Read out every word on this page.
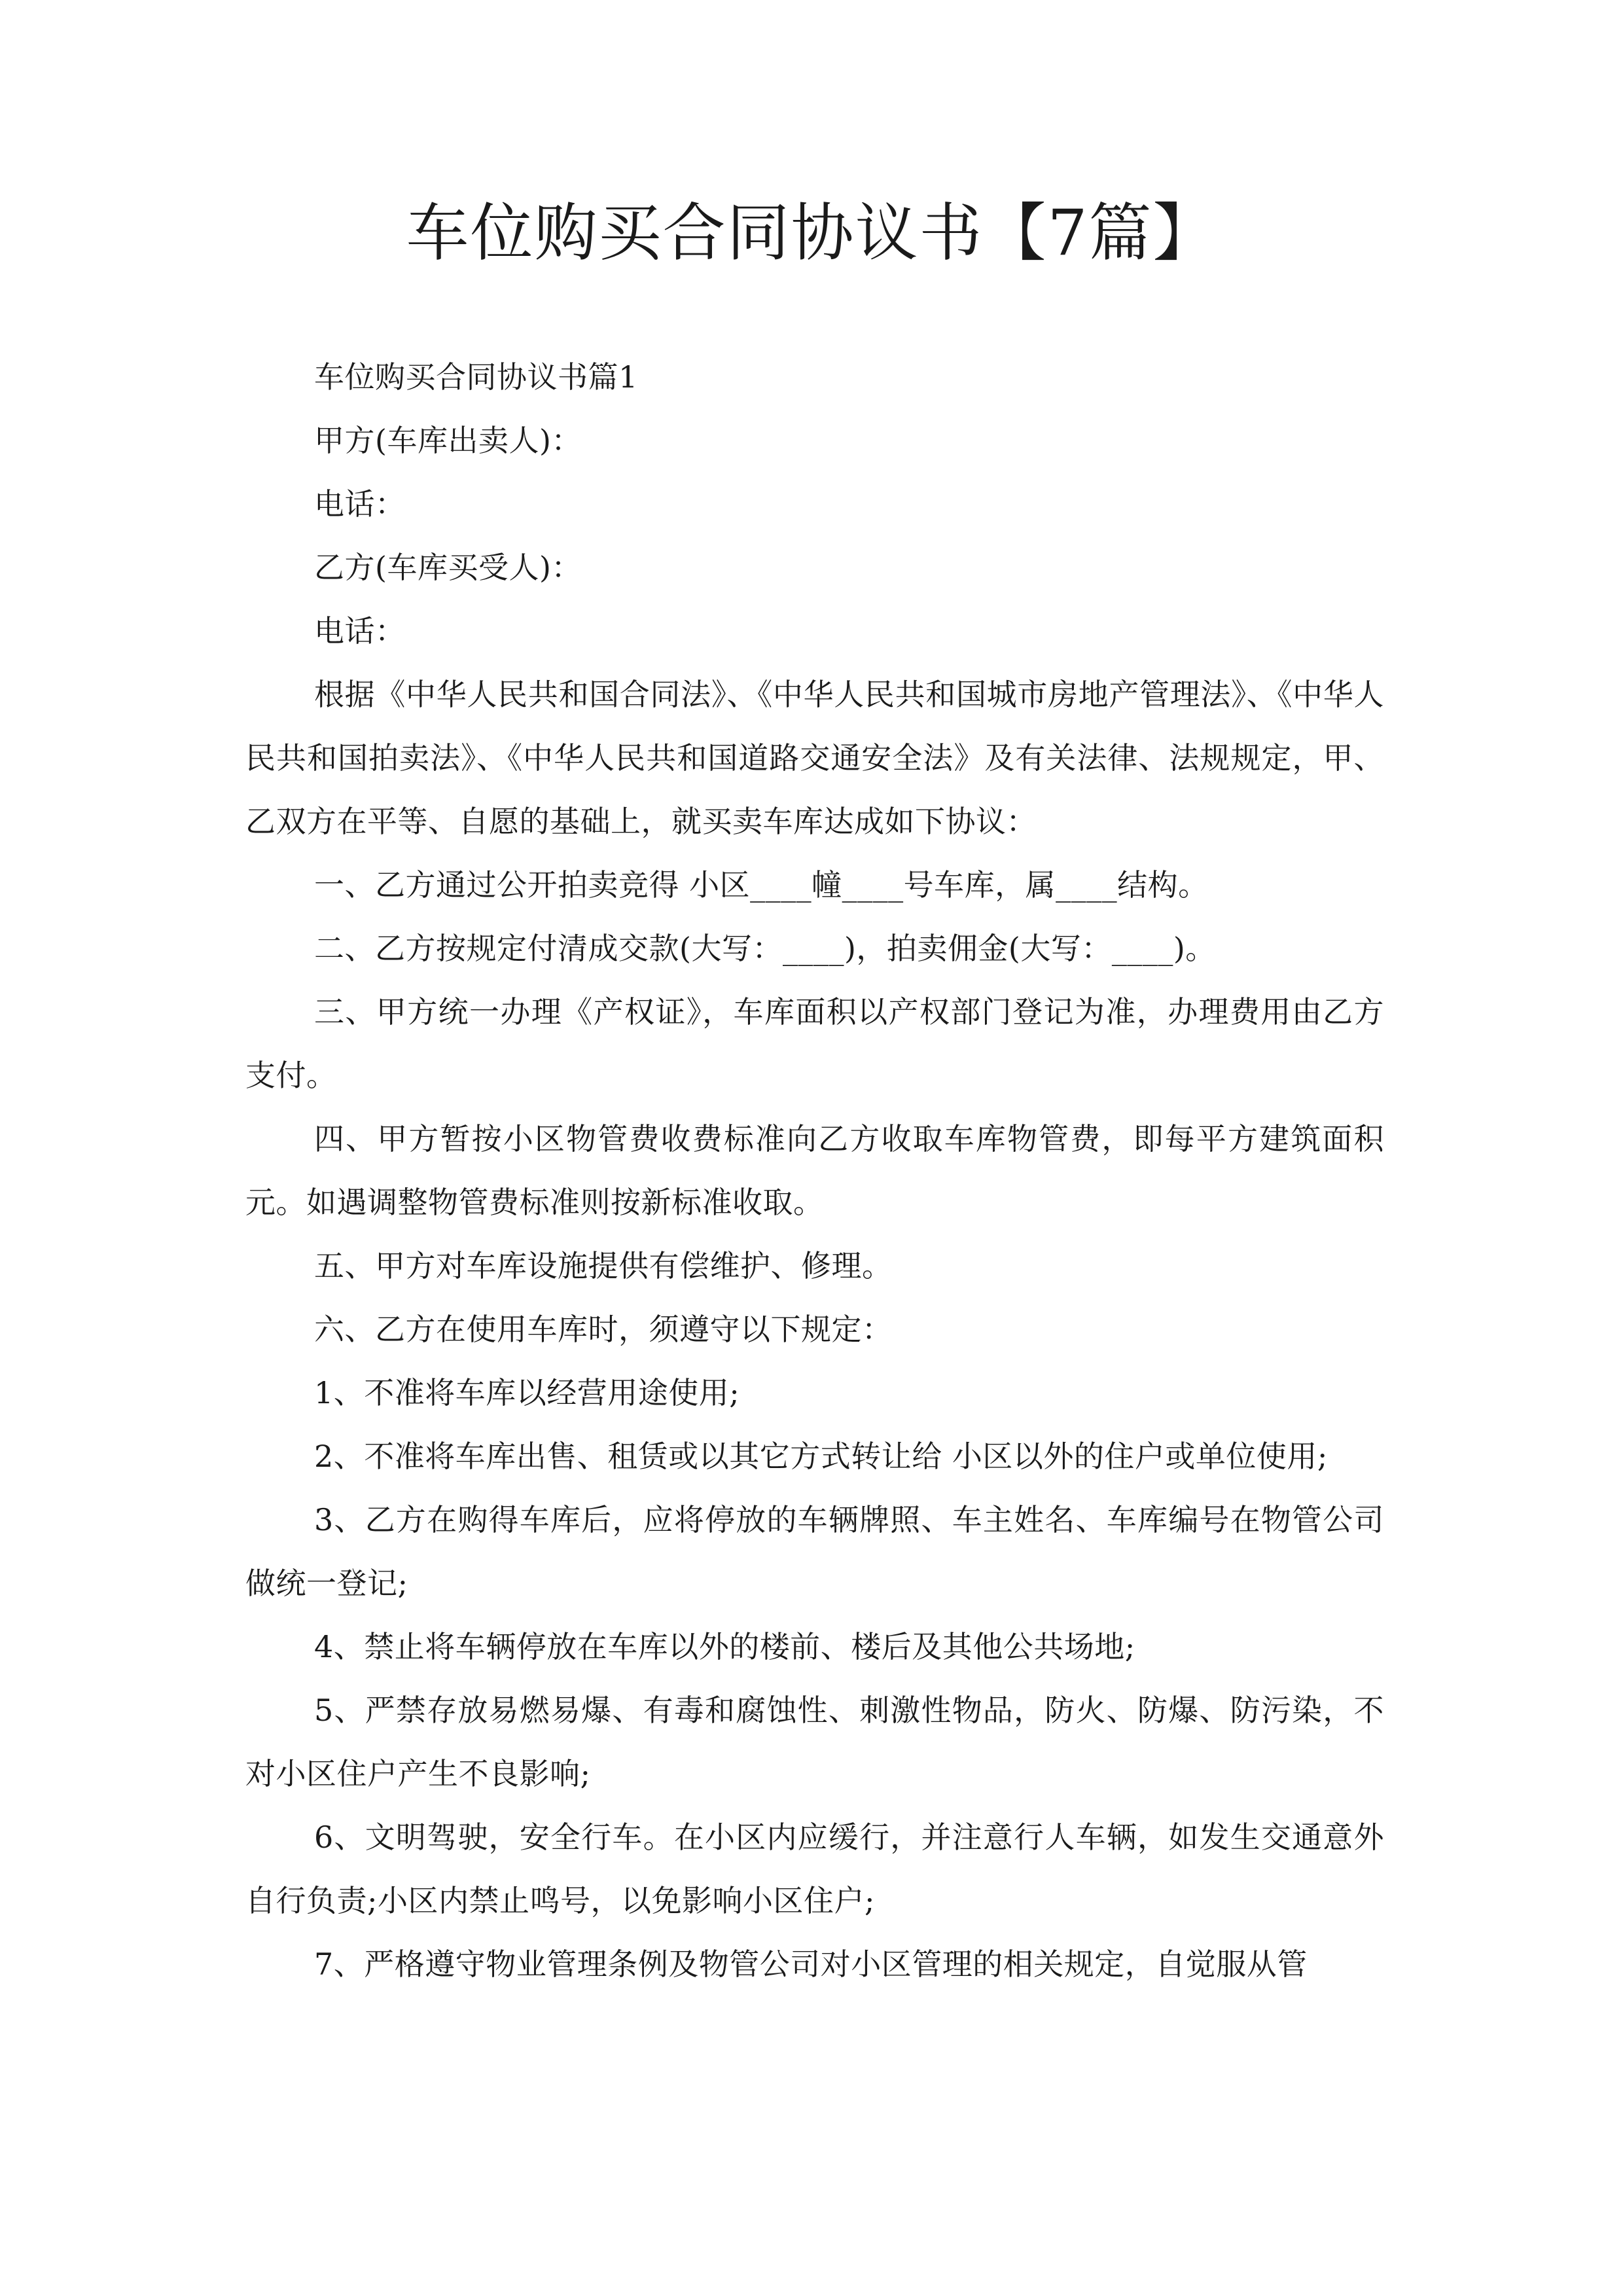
车位购买合同协议书【7篇】

车位购买合同协议书篇1

甲方(车库出卖人)：

电话：

乙方(车库买受人)：

电话：

根据《中华人民共和国合同法》、《中华人民共和国城市房地产管理法》、《中华人民共和国拍卖法》、《中华人民共和国道路交通安全法》及有关法律、法规规定，甲、乙双方在平等、自愿的基础上，就买卖车库达成如下协议：

一、乙方通过公开拍卖竞得 小区____幢____号车库，属____结构。

二、乙方按规定付清成交款(大写：____)，拍卖佣金(大写：____)。

三、甲方统一办理《产权证》，车库面积以产权部门登记为准，办理费用由乙方支付。

四、甲方暂按小区物管费收费标准向乙方收取车库物管费，即每平方建筑面积 元。如遇调整物管费标准则按新标准收取。

五、甲方对车库设施提供有偿维护、修理。

六、乙方在使用车库时，须遵守以下规定：

1、不准将车库以经营用途使用;

2、不准将车库出售、租赁或以其它方式转让给 小区以外的住户或单位使用;

3、乙方在购得车库后，应将停放的车辆牌照、车主姓名、车库编号在物管公司做统一登记;

4、禁止将车辆停放在车库以外的楼前、楼后及其他公共场地;

5、严禁存放易燃易爆、有毒和腐蚀性、刺激性物品，防火、防爆、防污染，不对小区住户产生不良影响;

6、文明驾驶，安全行车。在小区内应缓行，并注意行人车辆，如发生交通意外自行负责;小区内禁止鸣号，以免影响小区住户;

7、严格遵守物业管理条例及物管公司对小区管理的相关规定，自觉服从管
